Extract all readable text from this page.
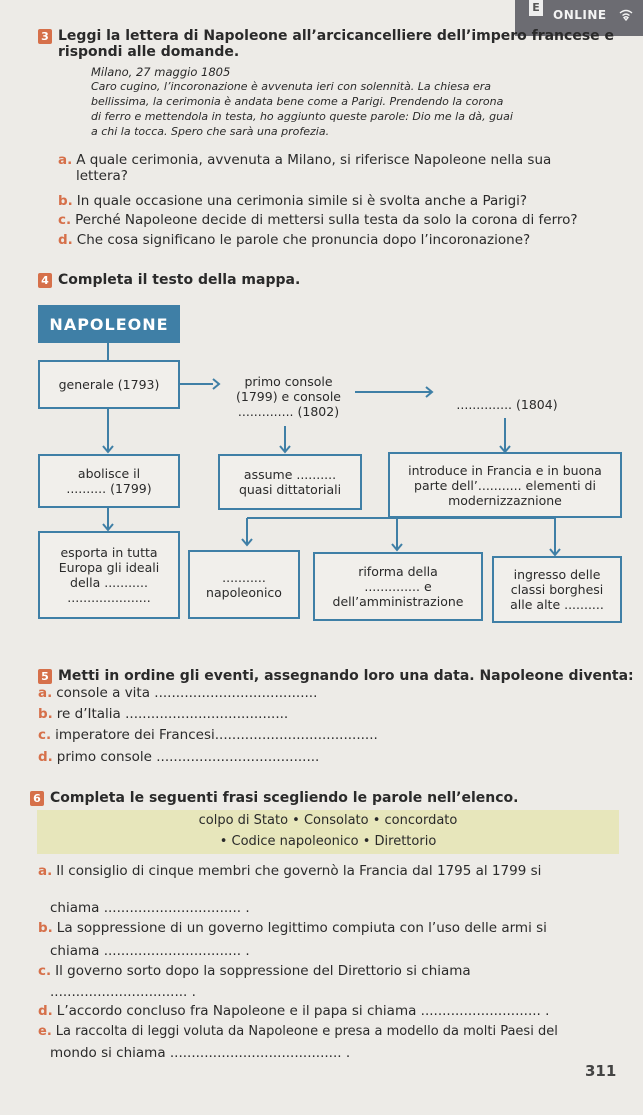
E
ONLINE
3 Leggi la lettera di Napoleone all’arcicancelliere dell’impero francese e
rispondi alle domande.
Milano, 27 maggio 1805
Caro cugino, l’incoronazione è avvenuta ieri con solennità. La chiesa era
bellissima, la cerimonia è andata bene come a Parigi. Prendendo la corona
di ferro e mettendola in testa, ho aggiunto queste parole: Dio me la dà, guai
a chi la tocca. Spero che sarà una profezia.
a. A quale cerimonia, avvenuta a Milano, si riferisce Napoleone nella sua
lettera?
b. In quale occasione una cerimonia simile si è svolta anche a Parigi?
c. Perché Napoleone decide di mettersi sulla testa da solo la corona di ferro?
d. Che cosa significano le parole che pronuncia dopo l’incoronazione?
4 Completa il testo della mappa.
NAPOLEONE
generale (1793)	primo console
(1799) e console
.............. (1802)	.............. (1804)
abolisce il
.......... (1799)
assume ..........
quasi dittatoriali
introduce in Francia e in buona
parte dell’........... elementi di
modernizzaznione
esporta in tutta
Europa gli ideali
della ...........
.....................
...........
napoleonico
riforma della
.............. e
dell’amministrazione
ingresso delle
classi borghesi
alle alte ..........
5 Metti in ordine gli eventi, assegnando loro una data. Napoleone diventa:
a. console a vita ......................................
b. re d’Italia ......................................
c. imperatore dei Francesi......................................
d. primo console ......................................
6 Completa le seguenti frasi scegliendo le parole nell’elenco.
colpo di Stato • Consolato • concordato
• Codice napoleonico • Direttorio
a. Il consiglio di cinque membri che governò la Francia dal 1795 al 1799 si
chiama ................................ .
b. La soppressione di un governo legittimo compiuta con l’uso delle armi si
chiama ................................ .
c. Il governo sorto dopo la soppressione del Direttorio si chiama
................................ .
d. L’accordo concluso fra Napoleone e il papa si chiama ............................ .
e. La raccolta di leggi voluta da Napoleone e presa a modello da molti Paesi del
mondo si chiama ........................................ .
311
